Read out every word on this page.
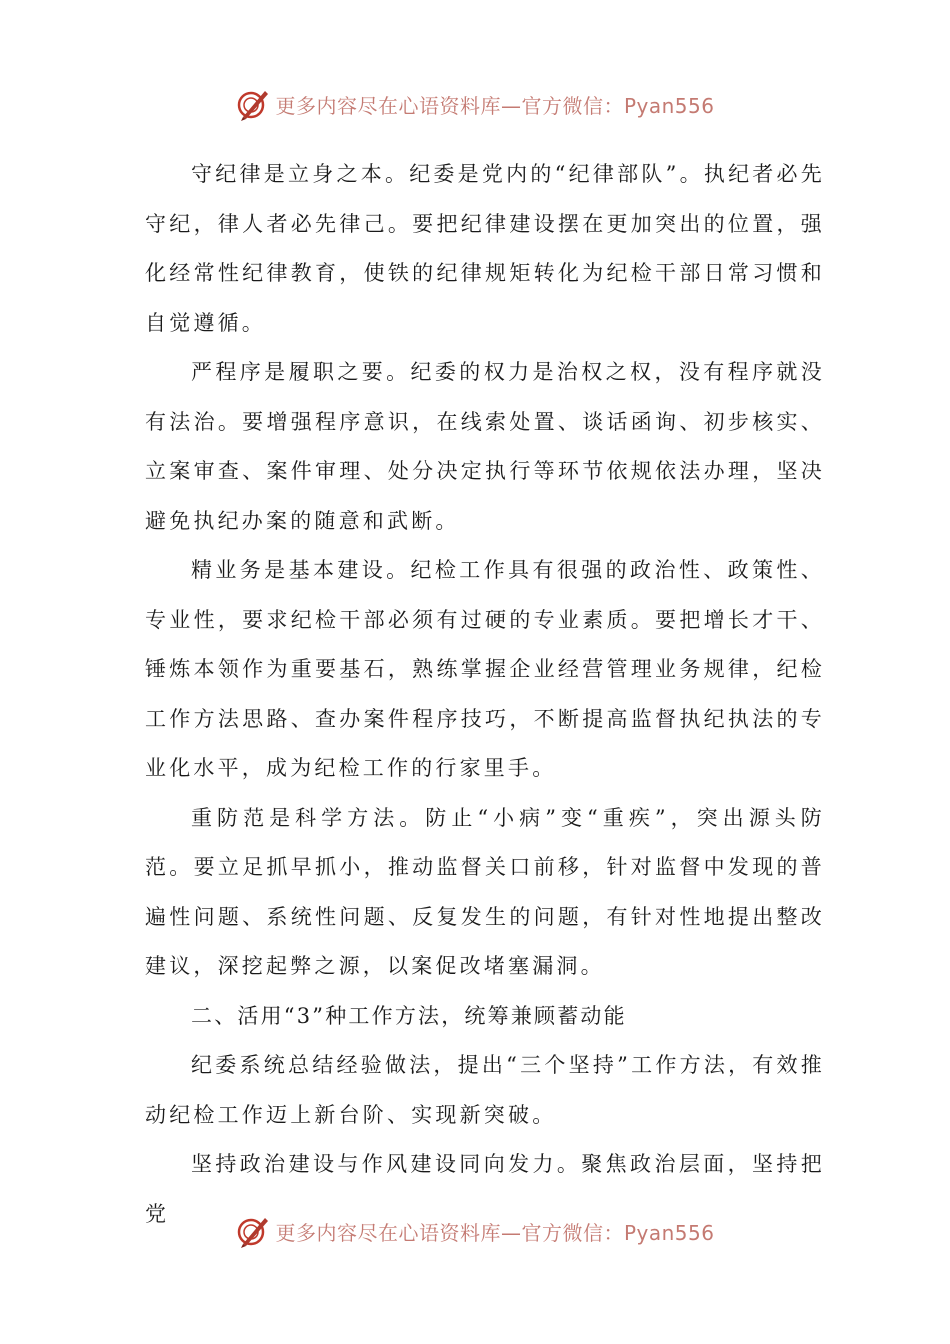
更多内容尽在心语资料库—官方微信：Pyan556

守纪律是立身之本。纪委是党内的“纪律部队”。执纪者必先守纪，律人者必先律己。要把纪律建设摆在更加突出的位置，强化经常性纪律教育，使铁的纪律规矩转化为纪检干部日常习惯和自觉遵循。

严程序是履职之要。纪委的权力是治权之权，没有程序就没有法治。要增强程序意识，在线索处置、谈话函询、初步核实、立案审查、案件审理、处分决定执行等环节依规依法办理，坚决避免执纪办案的随意和武断。

精业务是基本建设。纪检工作具有很强的政治性、政策性、专业性，要求纪检干部必须有过硬的专业素质。要把增长才干、锤炼本领作为重要基石，熟练掌握企业经营管理业务规律，纪检工作方法思路、查办案件程序技巧，不断提高监督执纪执法的专业化水平，成为纪检工作的行家里手。

重防范是科学方法。防止“小病”变“重疾”，突出源头防范。要立足抓早抓小，推动监督关口前移，针对监督中发现的普遍性问题、系统性问题、反复发生的问题，有针对性地提出整改建议，深挖起弊之源，以案促改堵塞漏洞。

二、活用“3”种工作方法，统筹兼顾蓄动能

纪委系统总结经验做法，提出“三个坚持”工作方法，有效推动纪检工作迈上新台阶、实现新突破。

坚持政治建设与作风建设同向发力。聚焦政治层面，坚持把党

更多内容尽在心语资料库—官方微信：Pyan556
